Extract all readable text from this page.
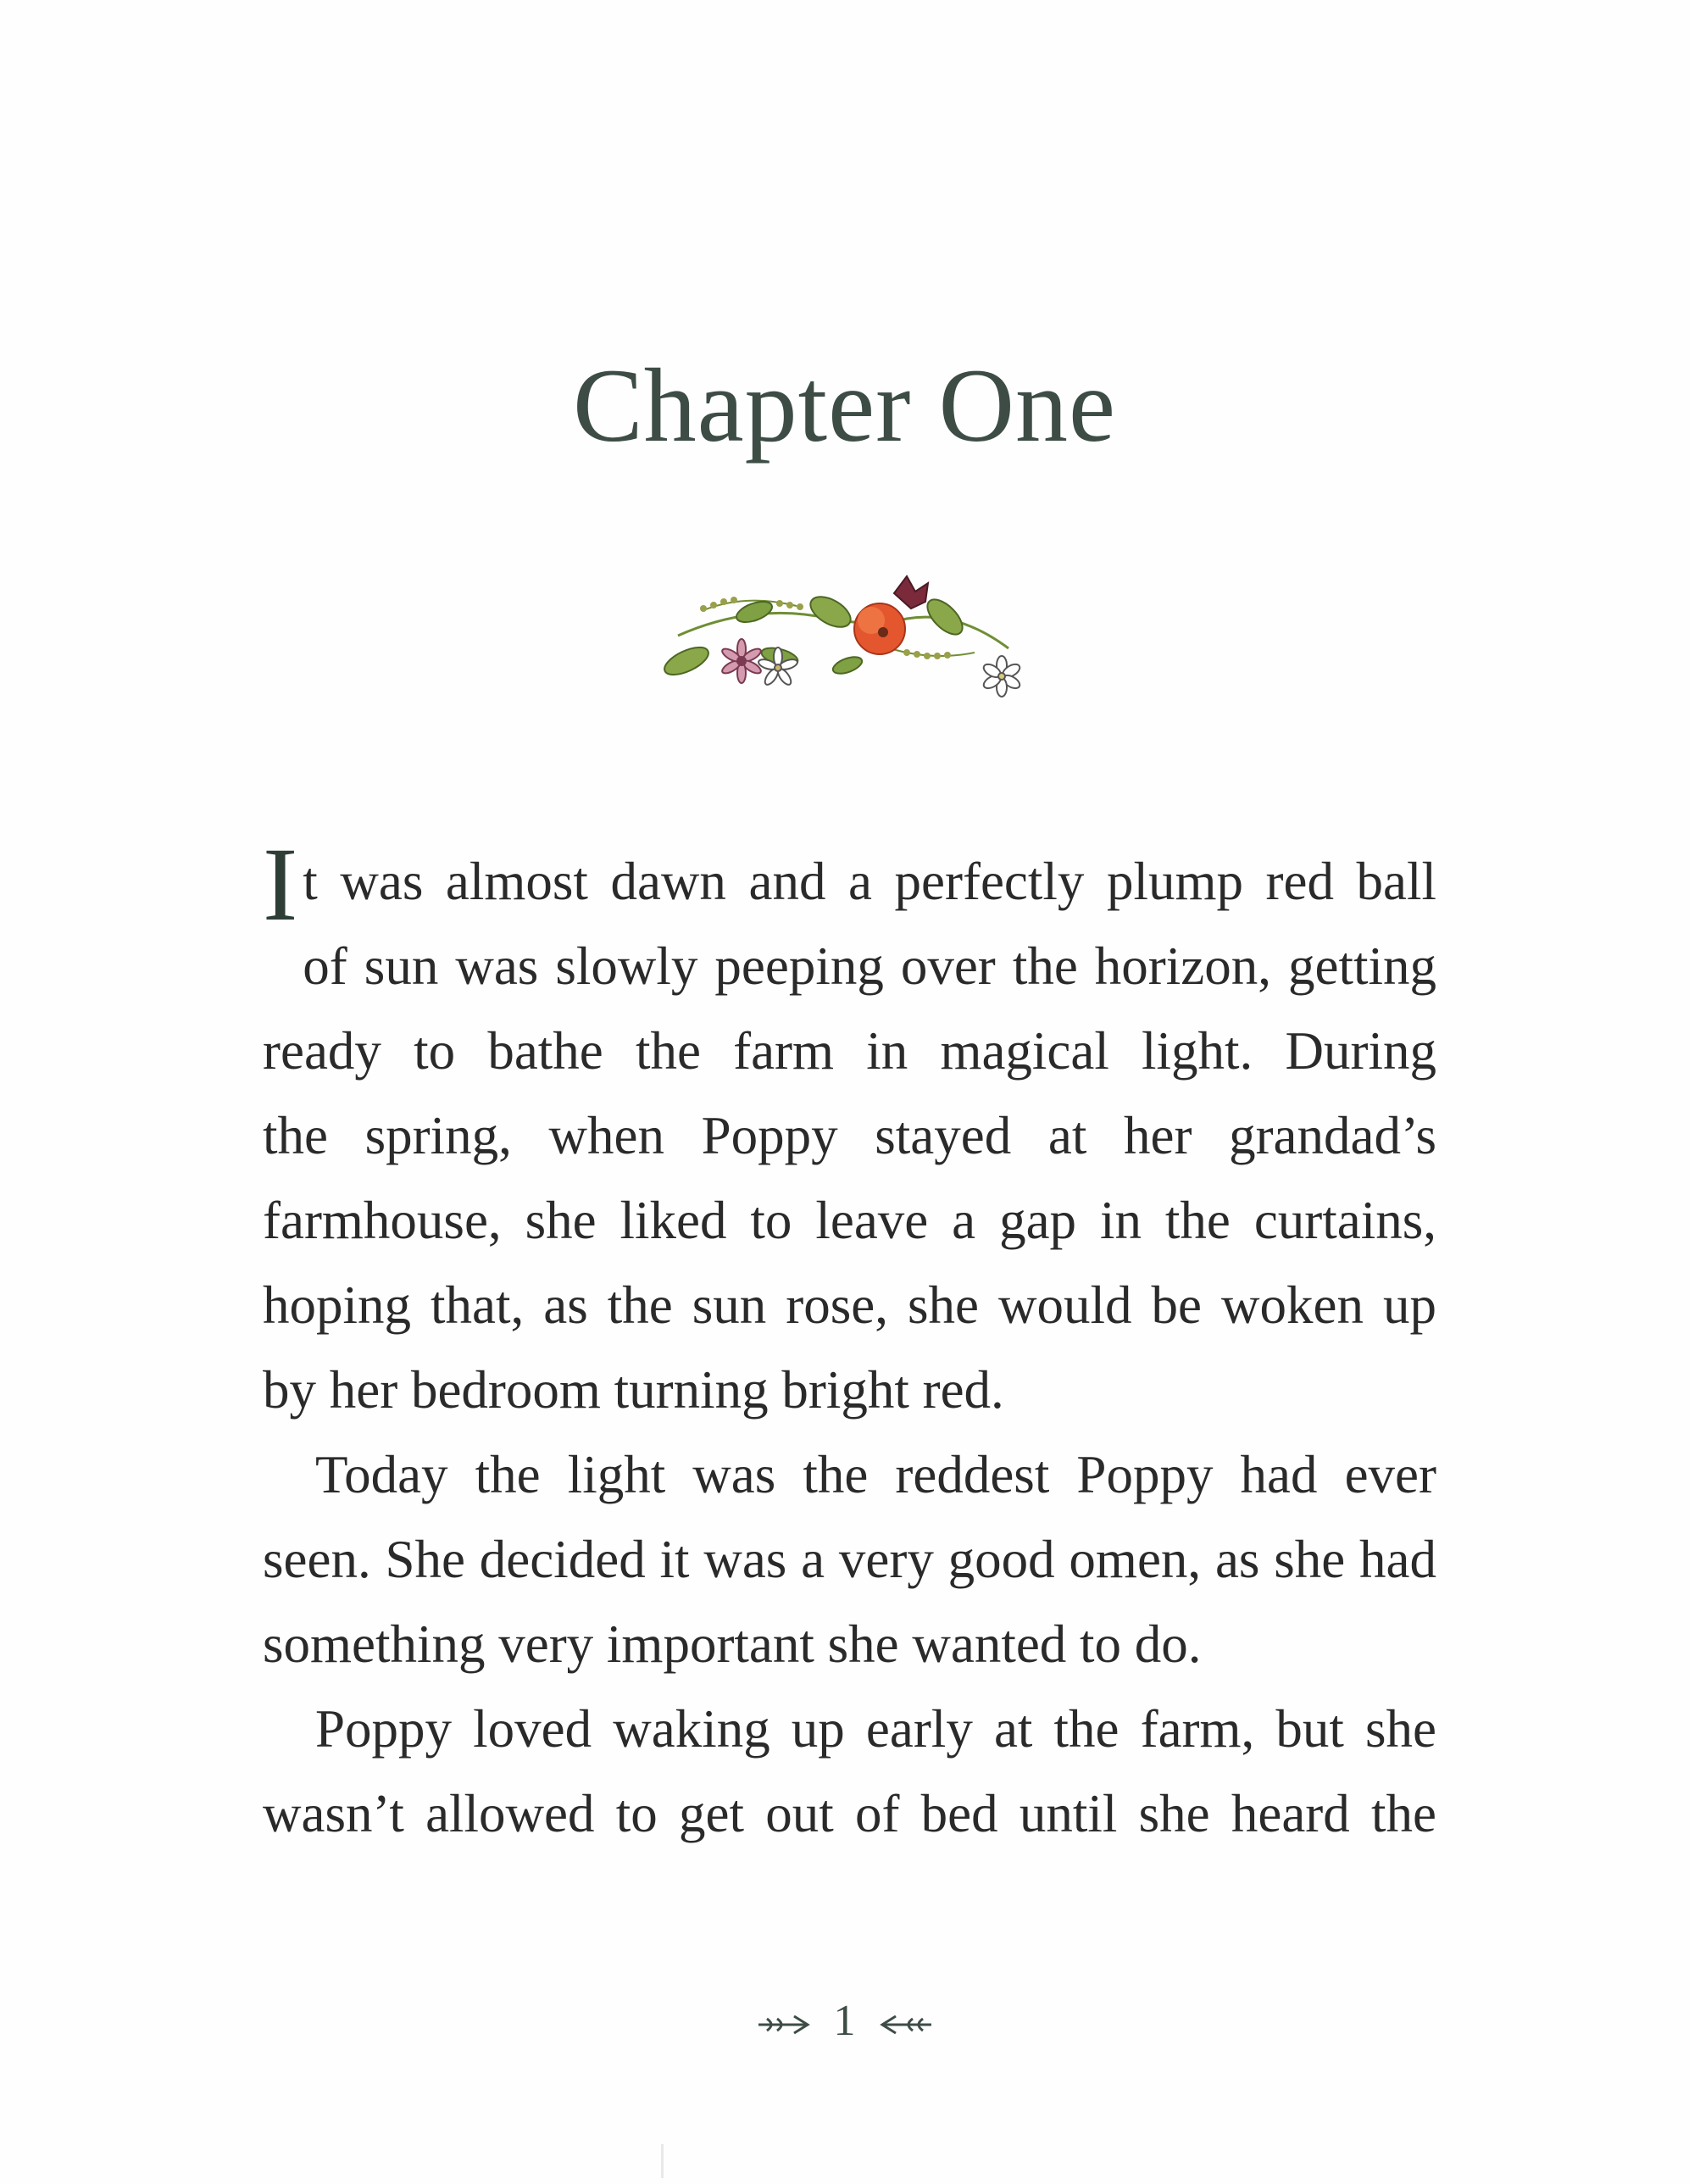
Chapter One

I t was almost dawn and a perfectly plump red ball
of sun was slowly peeping over the horizon, getting
ready to bathe the farm in magical light. During
the spring, when Poppy stayed at her grandad’s
farmhouse, she liked to leave a gap in the curtains,
hoping that, as the sun rose, she would be woken up
by her bedroom turning bright red.

Today the light was the reddest Poppy had ever
seen. She decided it was a very good omen, as she had
something very important she wanted to do.

Poppy loved waking up early at the farm, but she
wasn’t allowed to get out of bed until she heard the

1
